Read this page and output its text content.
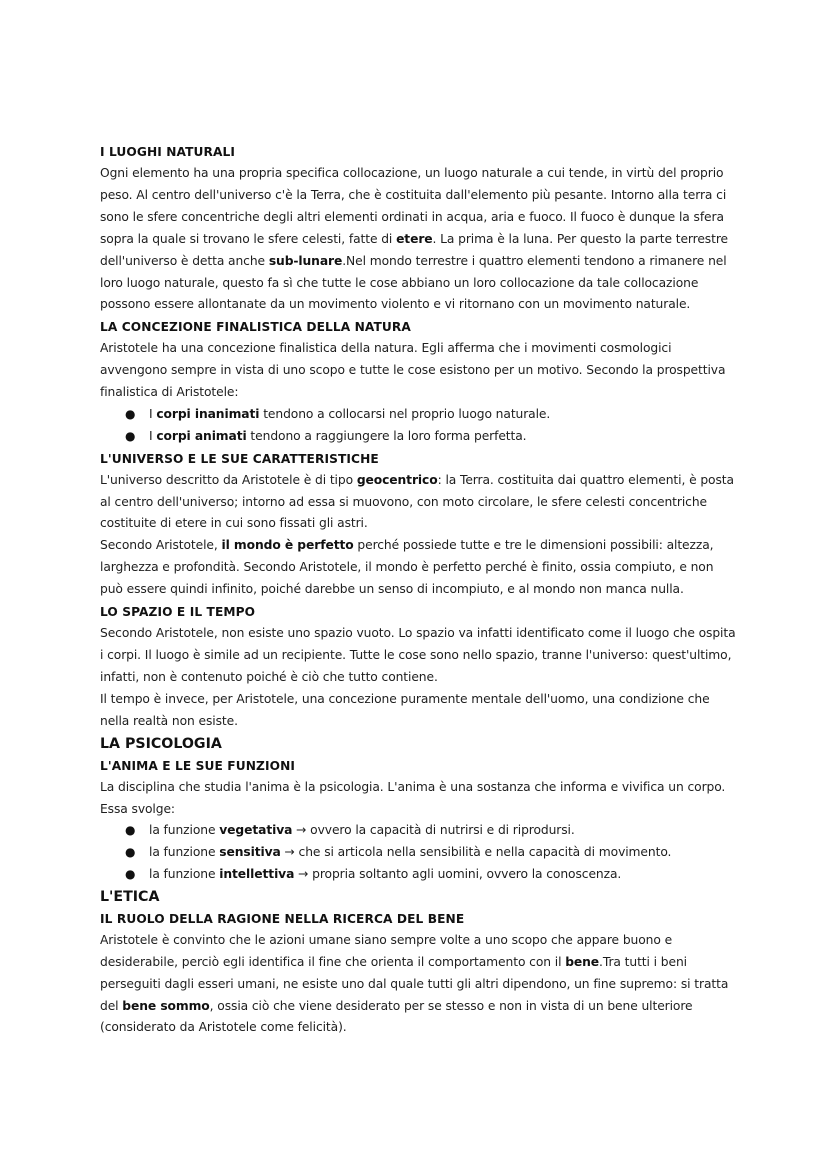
I LUOGHI NATURALI

Ogni elemento ha una propria specifica collocazione, un luogo naturale a cui tende, in virtù del proprio peso. Al centro dell'universo c'è la Terra, che è costituita dall'elemento più pesante. Intorno alla terra ci sono le sfere concentriche degli altri elementi ordinati in acqua, aria e fuoco. Il fuoco è dunque la sfera sopra la quale si trovano le sfere celesti, fatte di etere. La prima è la luna. Per questo la parte terrestre dell'universo è detta anche sub-lunare.Nel mondo terrestre i quattro elementi tendono a rimanere nel loro luogo naturale, questo fa sì che tutte le cose abbiano un loro collocazione da tale collocazione possono essere allontanate da un movimento violento e vi ritornano con un movimento naturale.

LA CONCEZIONE FINALISTICA DELLA NATURA

Aristotele ha una concezione finalistica della natura. Egli afferma che i movimenti cosmologici avvengono sempre in vista di uno scopo e tutte le cose esistono per un motivo. Secondo la prospettiva finalistica di Aristotele:

● I corpi inanimati tendono a collocarsi nel proprio luogo naturale.
● I corpi animati tendono a raggiungere la loro forma perfetta.
L'UNIVERSO E LE SUE CARATTERISTICHE

L'universo descritto da Aristotele è di tipo geocentrico: la Terra. costituita dai quattro elementi, è posta al centro dell'universo; intorno ad essa si muovono, con moto circolare, le sfere celesti concentriche costituite di etere in cui sono fissati gli astri.

Secondo Aristotele, il mondo è perfetto perché possiede tutte e tre le dimensioni possibili: altezza, larghezza e profondità. Secondo Aristotele, il mondo è perfetto perché è finito, ossia compiuto, e non può essere quindi infinito, poiché darebbe un senso di incompiuto, e al mondo non manca nulla.

LO SPAZIO E IL TEMPO

Secondo Aristotele, non esiste uno spazio vuoto. Lo spazio va infatti identificato come il luogo che ospita i corpi. Il luogo è simile ad un recipiente. Tutte le cose sono nello spazio, tranne l'universo: quest'ultimo, infatti, non è contenuto poiché è ciò che tutto contiene.

Il tempo è invece, per Aristotele, una concezione puramente mentale dell'uomo, una condizione che nella realtà non esiste.

LA PSICOLOGIA
L'ANIMA E LE SUE FUNZIONI

La disciplina che studia l'anima è la psicologia. L'anima è una sostanza che informa e vivifica un corpo. Essa svolge:

● la funzione vegetativa → ovvero la capacità di nutrirsi e di riprodursi.
● la funzione sensitiva → che si articola nella sensibilità e nella capacità di movimento.
● la funzione intellettiva → propria soltanto agli uomini, ovvero la conoscenza.
L'ETICA
IL RUOLO DELLA RAGIONE NELLA RICERCA DEL BENE

Aristotele è convinto che le azioni umane siano sempre volte a uno scopo che appare buono e desiderabile, perciò egli identifica il fine che orienta il comportamento con il bene.Tra tutti i beni perseguiti dagli esseri umani, ne esiste uno dal quale tutti gli altri dipendono, un fine supremo: si tratta del bene sommo, ossia ciò che viene desiderato per se stesso e non in vista di un bene ulteriore (considerato da Aristotele come felicità).
